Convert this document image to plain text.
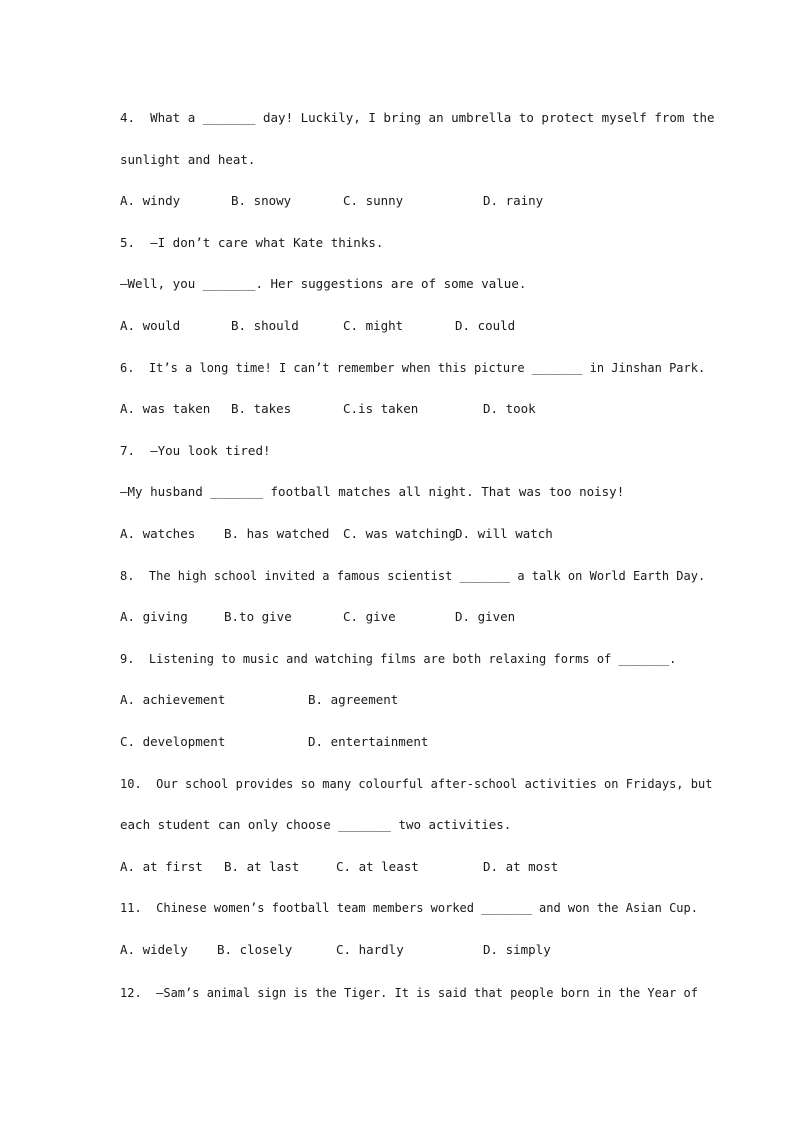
4.  What a _______ day! Luckily, I bring an umbrella to protect myself from the
sunlight and heat.
A. windy	B. snowy	C. sunny	D. rainy
5.  —I don’t care what Kate thinks.
—Well, you _______. Her suggestions are of some value.
A. would	B. should	C. might	D. could
6.  It’s a long time! I can’t remember when this picture _______ in Jinshan Park.
A. was taken B. takes	C.is taken	D. took
7.  —You look tired!
—My husband _______ football matches all night. That was too noisy!
A. watches B. has watched C. was watching D. will watch
8.  The high school invited a famous scientist _______ a talk on World Earth Day.
A. giving	B.to give	C. give	D. given
9.  Listening to music and watching films are both relaxing forms of _______.
A. achievement	B. agreement
C. development	D. entertainment
10.  Our school provides so many colourful after-school activities on Fridays, but
each student can only choose _______ two activities.
A. at first B. at last	C. at least	D. at most
11.  Chinese women’s football team members worked _______ and won the Asian Cup.
A. widely B. closely	C. hardly	D. simply
12.  —Sam’s animal sign is the Tiger. It is said that people born in the Year of
